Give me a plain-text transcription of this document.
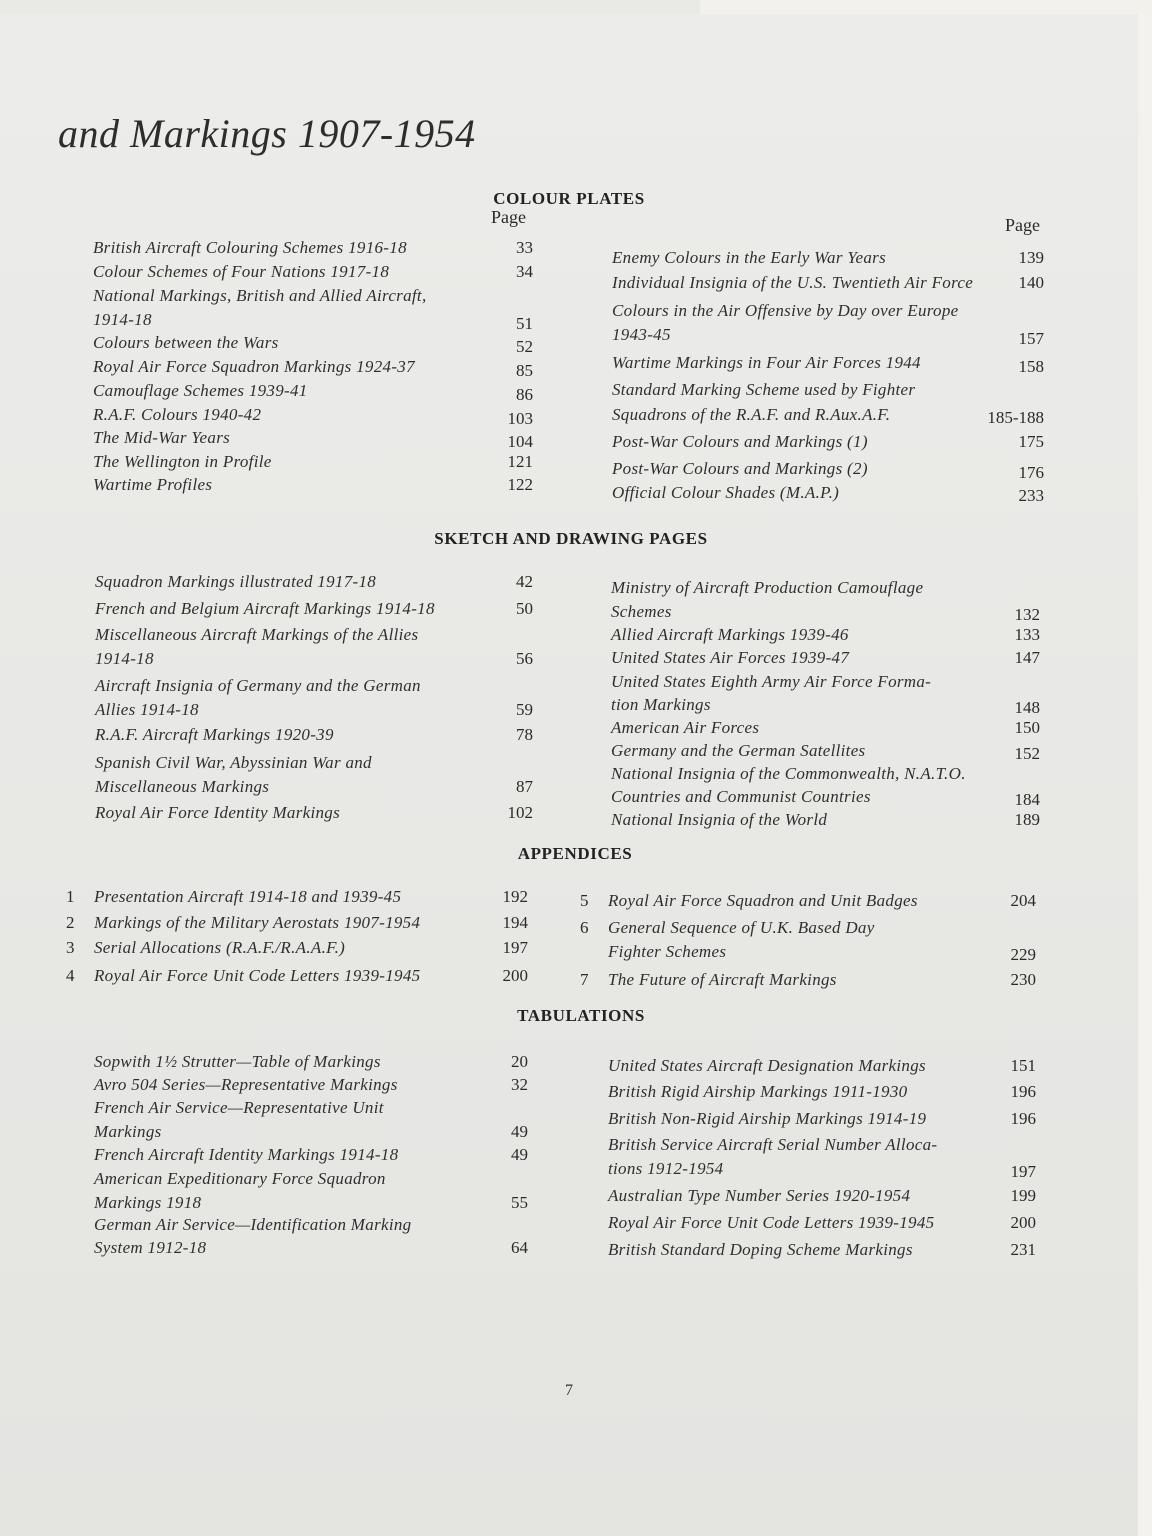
and Markings 1907-1954
COLOUR PLATES
Page	Page
British Aircraft Colouring Schemes 1916-18	33
Colour Schemes of Four Nations 1917-18	34
National Markings, British and Allied Aircraft,
1914-18	51
Colours between the Wars	52
Royal Air Force Squadron Markings 1924-37	85
Camouflage Schemes 1939-41	86
R.A.F. Colours 1940-42	103
The Mid-War Years	104
The Wellington in Profile	121
Wartime Profiles	122
Enemy Colours in the Early War Years	139
Individual Insignia of the U.S. Twentieth Air Force	140
Colours in the Air Offensive by Day over Europe
1943-45	157
Wartime Markings in Four Air Forces 1944	158
Standard Marking Scheme used by Fighter
Squadrons of the R.A.F. and R.Aux.A.F.	185-188
Post-War Colours and Markings (1)	175
Post-War Colours and Markings (2)	176
Official Colour Shades (M.A.P.)	233
SKETCH AND DRAWING PAGES
Squadron Markings illustrated 1917-18	42
French and Belgium Aircraft Markings 1914-18	50
Miscellaneous Aircraft Markings of the Allies
1914-18	56
Aircraft Insignia of Germany and the German
Allies 1914-18	59
R.A.F. Aircraft Markings 1920-39	78
Spanish Civil War, Abyssinian War and
Miscellaneous Markings	87
Royal Air Force Identity Markings	102
Ministry of Aircraft Production Camouflage
Schemes	132
Allied Aircraft Markings 1939-46	133
United States Air Forces 1939-47	147
United States Eighth Army Air Force Forma-
tion Markings	148
American Air Forces	150
Germany and the German Satellites	152
National Insignia of the Commonwealth, N.A.T.O.
Countries and Communist Countries	184
National Insignia of the World	189
APPENDICES
1 Presentation Aircraft 1914-18 and 1939-45	192
2 Markings of the Military Aerostats 1907-1954	194
3 Serial Allocations (R.A.F./R.A.A.F.)	197
4 Royal Air Force Unit Code Letters 1939-1945	200
5 Royal Air Force Squadron and Unit Badges	204
6 General Sequence of U.K. Based Day
Fighter Schemes	229
7 The Future of Aircraft Markings	230
TABULATIONS
Sopwith 1½ Strutter—Table of Markings	20
Avro 504 Series—Representative Markings	32
French Air Service—Representative Unit
Markings	49
French Aircraft Identity Markings 1914-18	49
American Expeditionary Force Squadron
Markings 1918	55
German Air Service—Identification Marking
System 1912-18	64
United States Aircraft Designation Markings	151
British Rigid Airship Markings 1911-1930	196
British Non-Rigid Airship Markings 1914-19	196
British Service Aircraft Serial Number Alloca-
tions 1912-1954	197
Australian Type Number Series 1920-1954	199
Royal Air Force Unit Code Letters 1939-1945	200
British Standard Doping Scheme Markings	231
7
